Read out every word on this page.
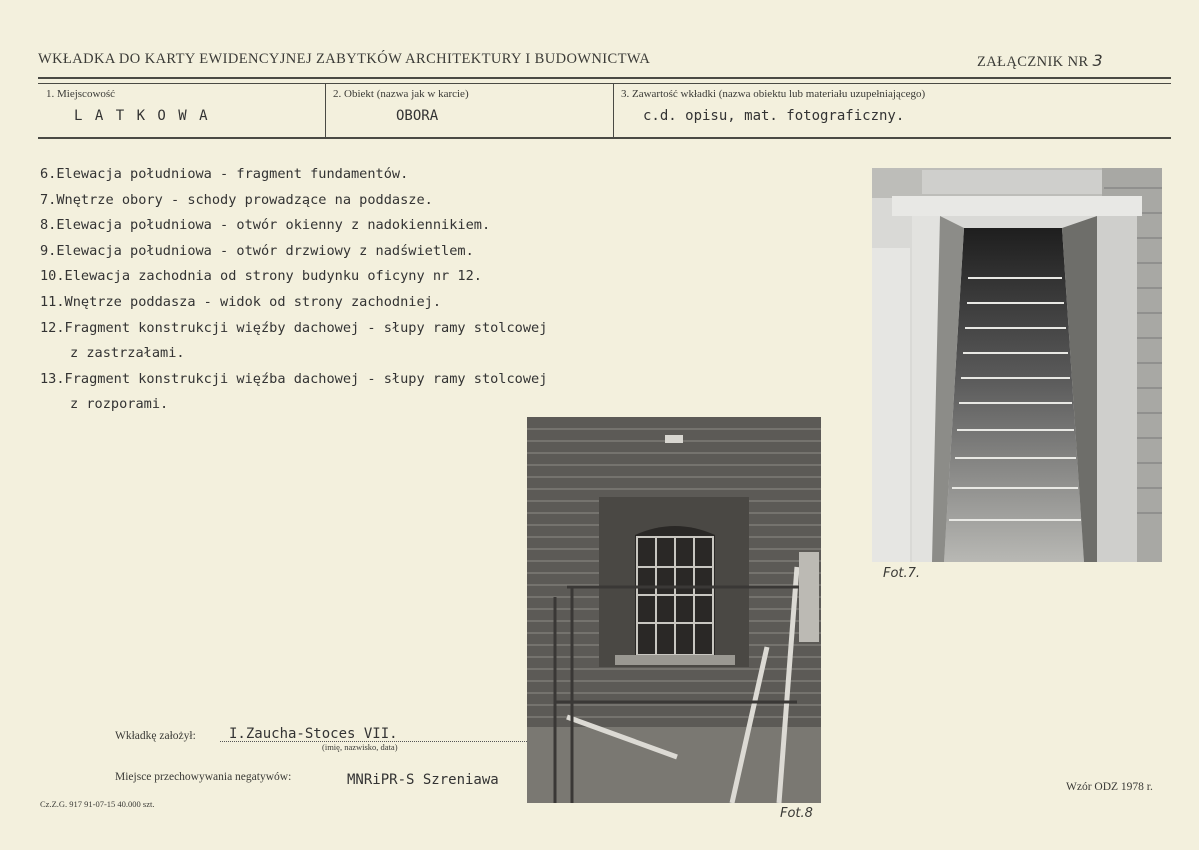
WKŁADKA DO KARTY EWIDENCYJNEJ ZABYTKÓW ARCHITEKTURY I BUDOWNICTWA	ZAŁĄCZNIK NR 3
1. Miejscowość
L A T K O W A
2. Obiekt (nazwa jak w karcie)
OBORA
3. Zawartość wkładki (nazwa obiektu lub materiału uzupełniającego)
c.d. opisu, mat. fotograficzny.
6.Elewacja południowa - fragment fundamentów.
7.Wnętrze obory - schody prowadzące na poddasze.
8.Elewacja południowa - otwór okienny z nadokiennikiem.
9.Elewacja południowa - otwór drzwiowy z nadświetlem.
10.Elewacja zachodnia od strony budynku oficyny nr 12.
11.Wnętrze poddasza - widok od strony zachodniej.
12.Fragment konstrukcji więźby dachowej - słupy ramy stolcowej
z zastrzałami.
13.Fragment konstrukcji więźba dachowej - słupy ramy stolcowej
z rozporami.
Fot.7.
Fot.8
Wkładkę założył: I.Zaucha-Stoces VII.
(imię, nazwisko, data)
Miejsce przechowywania negatywów:	MNRiPR-S Szreniawa
Cz.Z.G. 917 91-07-15 40.000 szt.
Wzór ODZ 1978 r.
